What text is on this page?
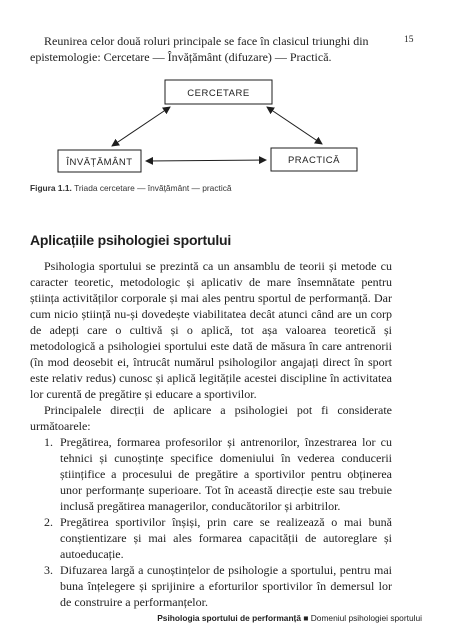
15

Reunirea celor două roluri principale se face în clasicul triunghi din epistemologie: Cercetare — Învățământ (difuzare) — Practică.

CERCETARE
ÎNVĂȚĂMÂNT	PRACTICĂ
Figura 1.1. Triada cercetare — învățământ — practică
Aplicațiile psihologiei sportului

Psihologia sportului se prezintă ca un ansamblu de teorii și metode cu caracter teoretic, metodologic și aplicativ de mare însemnătate pentru știința activităților corporale și mai ales pentru sportul de performanță. Dar cum nicio știință nu-și dovedește viabilitatea decât atunci când are un corp de adepți care o cultivă și o aplică, tot așa valoarea teoretică și metodologică a psihologiei sportului este dată de măsura în care antrenorii (în mod deosebit ei, întrucât numărul psihologilor angajați direct în sport este relativ redus) cunosc și aplică legitățile acestei discipline în activitatea lor curentă de pregătire și educare a sportivilor.

Principalele direcții de aplicare a psihologiei pot fi considerate următoarele:

1. Pregătirea, formarea profesorilor și antrenorilor, înzestrarea lor cu tehnici și cunoștințe specifice domeniului în vederea conducerii științifice a procesului de pregătire a sportivilor pentru obținerea unor performanțe superioare. Tot în această direcție este sau trebuie inclusă pregătirea managerilor, conducătorilor și arbitrilor.
2. Pregătirea sportivilor înșiși, prin care se realizează o mai bună conștientizare și mai ales formarea capacității de autoreglare și autoeducație.
3. Difuzarea largă a cunoștințelor de psihologie a sportului, pentru mai buna înțelegere și sprijinire a eforturilor sportivilor în demersul lor de construire a performanțelor.
Psihologia sportului de performanță ■ Domeniul psihologiei sportului
